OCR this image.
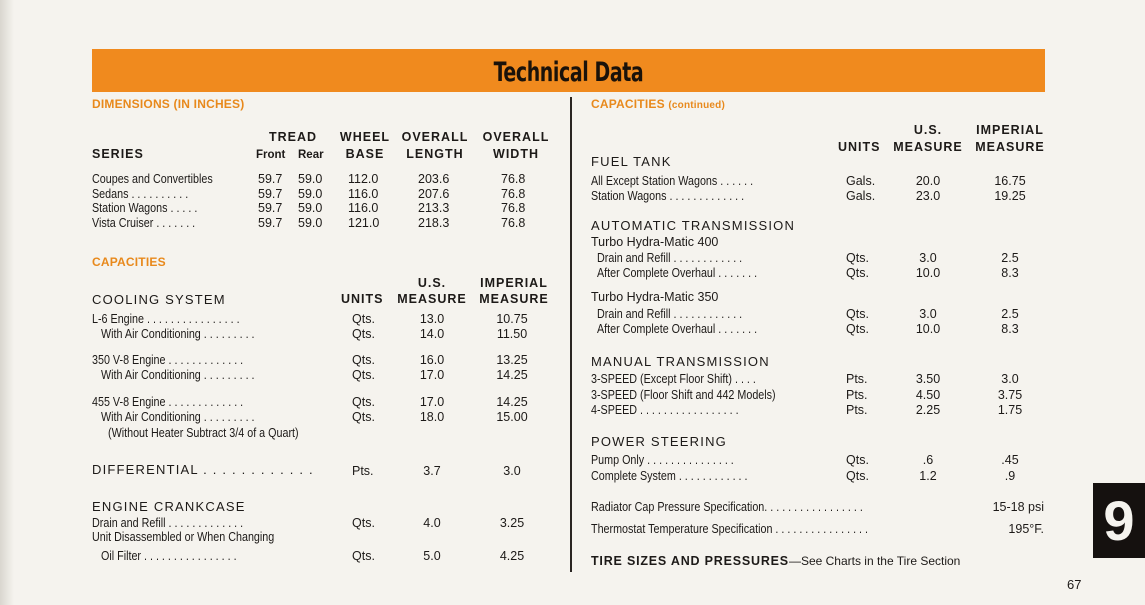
Technical Data
DIMENSIONS (IN INCHES)
TREAD	WHEEL OVERALL	OVERALL
SERIES	Front Rear	BASE	LENGTH	WIDTH
Coupes and Convertibles	59.7 59.0 112.0	203.6	76.8
Sedans . . . . . . . . . .	59.7 59.0 116.0	207.6	76.8
Station Wagons . . . . .	59.7 59.0 116.0	213.3	76.8
Vista Cruiser . . . . . . .	59.7 59.0 121.0	218.3	76.8
CAPACITIES
U.S.	IMPERIAL
COOLING SYSTEM	UNITS MEASURE MEASURE
L-6 Engine . . . . . . . . . . . . . . . .	Qts.	13.0	10.75
With Air Conditioning . . . . . . . . .	Qts.	14.0	11.50
350 V-8 Engine . . . . . . . . . . . . .	Qts.	16.0	13.25
With Air Conditioning . . . . . . . . .	Qts.	17.0	14.25
455 V-8 Engine . . . . . . . . . . . . .	Qts.	17.0	14.25
With Air Conditioning . . . . . . . . .	Qts.	18.0	15.00
(Without Heater Subtract 3/4 of a Quart)
DIFFERENTIAL . . . . . . . . . . . .	Pts.	3.7	3.0
ENGINE CRANKCASE
Drain and Refill . . . . . . . . . . . . .	Qts.	4.0	3.25
Unit Disassembled or When Changing
Oil Filter . . . . . . . . . . . . . . . .	Qts.	5.0	4.25
CAPACITIES (continued)
U.S.	IMPERIAL
UNITS MEASURE MEASURE
FUEL TANK
All Except Station Wagons . . . . . .	Gals.	20.0	16.75
Station Wagons . . . . . . . . . . . . .	Gals.	23.0	19.25
AUTOMATIC TRANSMISSION
Turbo Hydra-Matic 400
Drain and Refill . . . . . . . . . . . .	Qts.	3.0	2.5
After Complete Overhaul . . . . . . .	Qts.	10.0	8.3
Turbo Hydra-Matic 350
Drain and Refill . . . . . . . . . . . .	Qts.	3.0	2.5
After Complete Overhaul . . . . . . .	Qts.	10.0	8.3
MANUAL TRANSMISSION
3-SPEED (Except Floor Shift) . . . .	Pts.	3.50	3.0
3-SPEED (Floor Shift and 442 Models)	Pts.	4.50	3.75
4-SPEED . . . . . . . . . . . . . . . . .	Pts.	2.25	1.75
POWER STEERING
Pump Only . . . . . . . . . . . . . . .	Qts.	.6	.45
Complete System . . . . . . . . . . . .	Qts.	1.2	.9
Radiator Cap Pressure Specification. . . . . . . . . . . . . . . . .	15-18 psi
Thermostat Temperature Specification . . . . . . . . . . . . . . . .	195°F.
TIRE SIZES AND PRESSURES—See Charts in the Tire Section
9
67
